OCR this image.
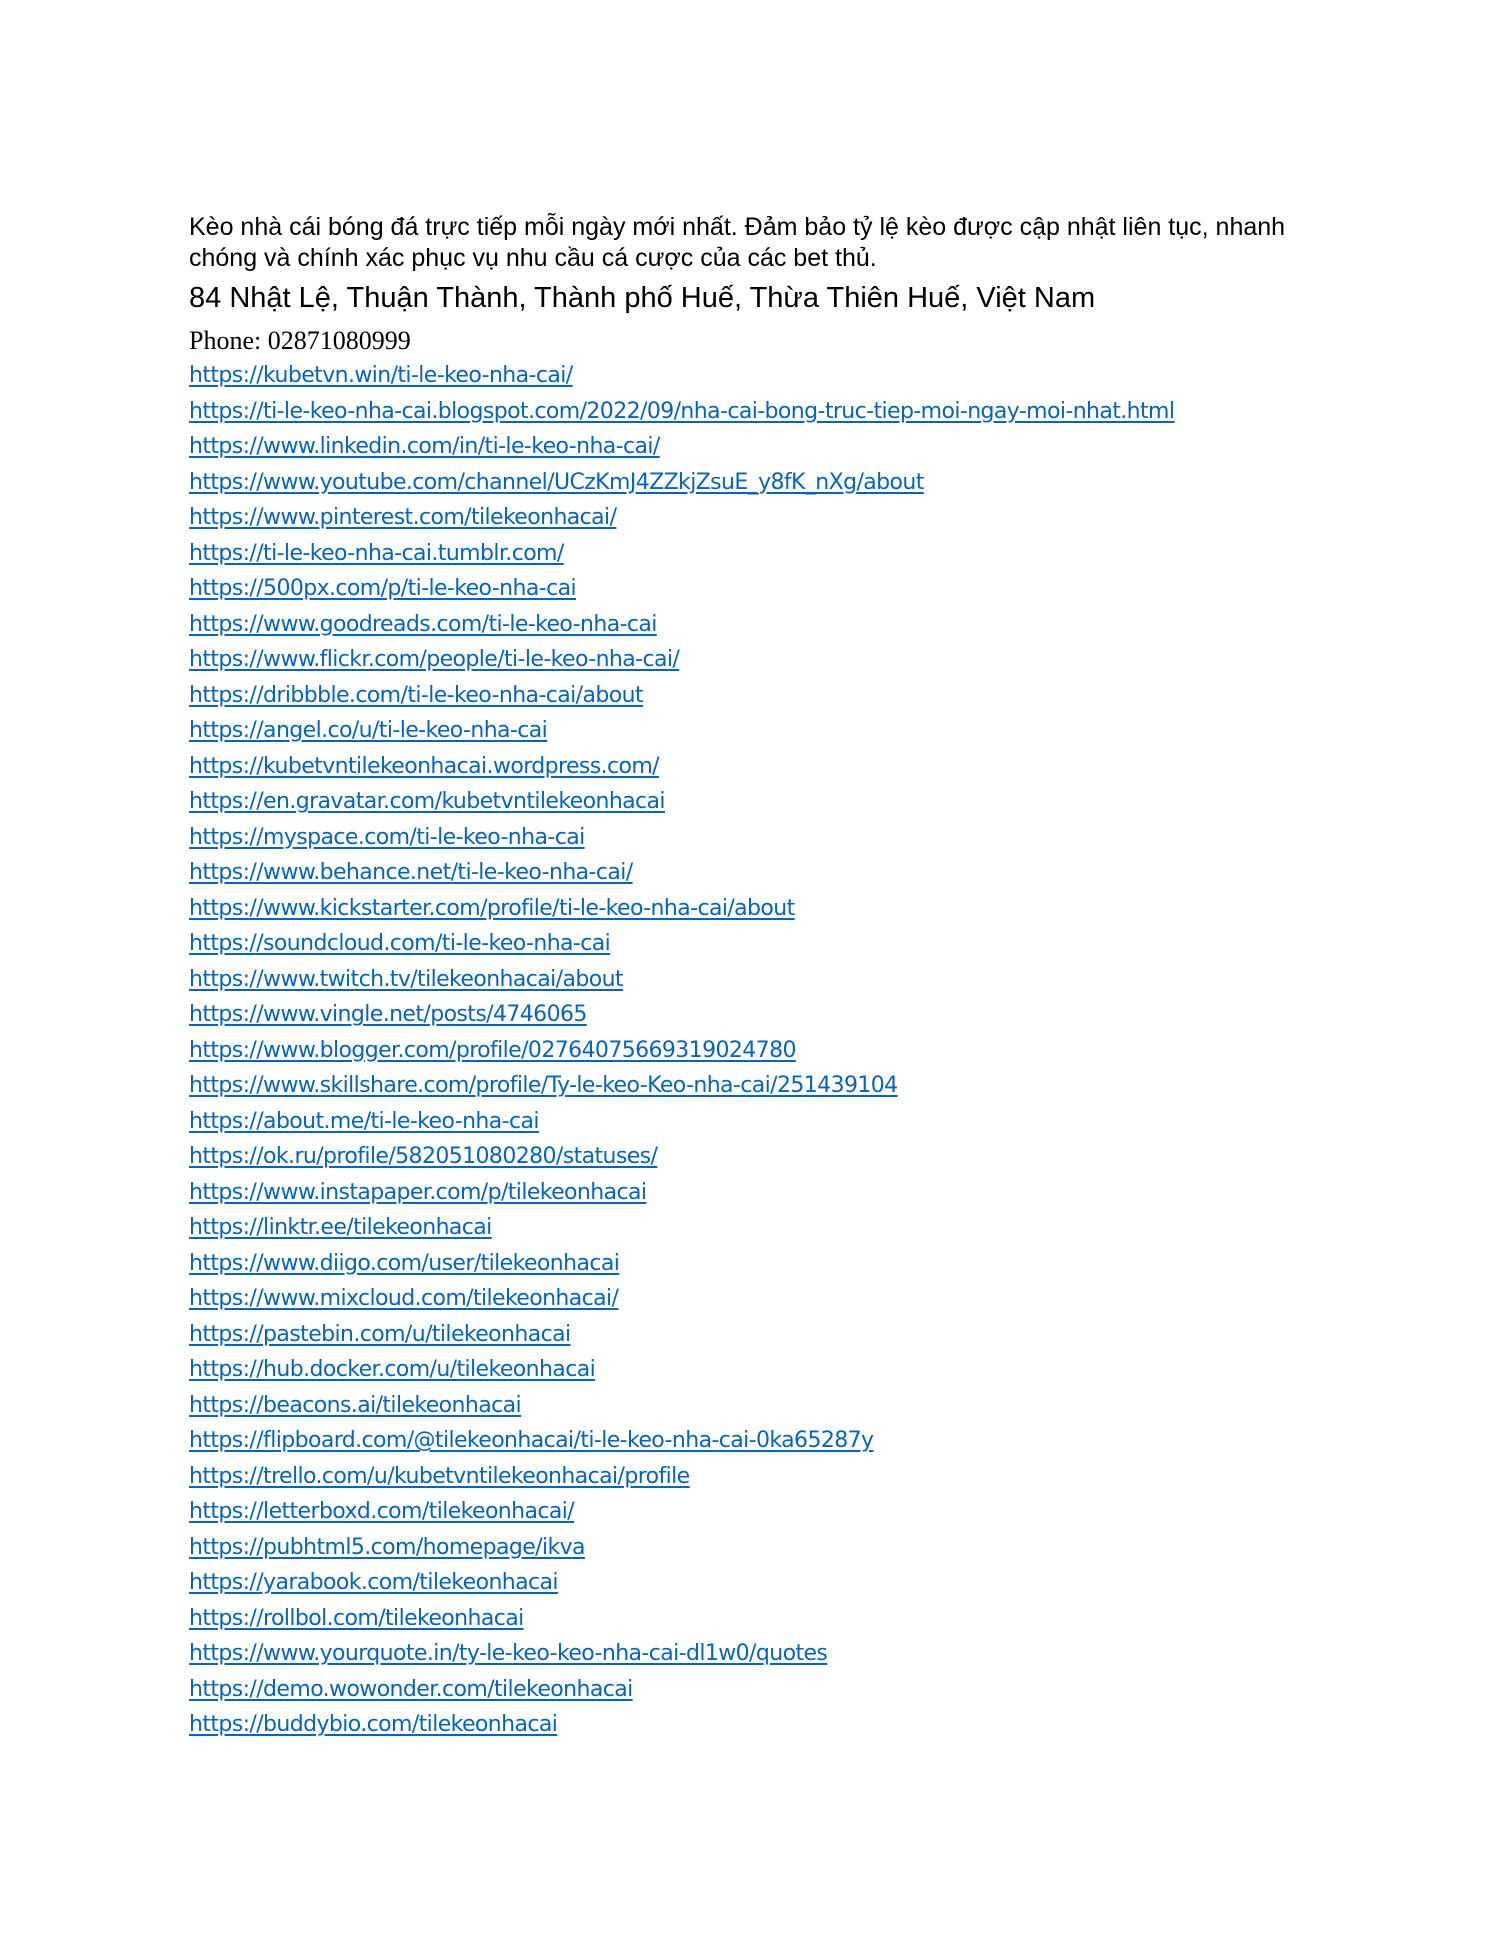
Kèo nhà cái bóng đá trực tiếp mỗi ngày mới nhất. Đảm bảo tỷ lệ kèo được cập nhật liên tục, nhanh chóng và chính xác phục vụ nhu cầu cá cược của các bet thủ.

84 Nhật Lệ, Thuận Thành, Thành phố Huế, Thừa Thiên Huế, Việt Nam

Phone: 02871080999

https://kubetvn.win/ti-le-keo-nha-cai/
https://ti-le-keo-nha-cai.blogspot.com/2022/09/nha-cai-bong-truc-tiep-moi-ngay-moi-nhat.html
https://www.linkedin.com/in/ti-le-keo-nha-cai/
https://www.youtube.com/channel/UCzKmJ4ZZkjZsuE_y8fK_nXg/about
https://www.pinterest.com/tilekeonhacai/
https://ti-le-keo-nha-cai.tumblr.com/
https://500px.com/p/ti-le-keo-nha-cai
https://www.goodreads.com/ti-le-keo-nha-cai
https://www.flickr.com/people/ti-le-keo-nha-cai/
https://dribbble.com/ti-le-keo-nha-cai/about
https://angel.co/u/ti-le-keo-nha-cai
https://kubetvntilekeonhacai.wordpress.com/
https://en.gravatar.com/kubetvntilekeonhacai
https://myspace.com/ti-le-keo-nha-cai
https://www.behance.net/ti-le-keo-nha-cai/
https://www.kickstarter.com/profile/ti-le-keo-nha-cai/about
https://soundcloud.com/ti-le-keo-nha-cai
https://www.twitch.tv/tilekeonhacai/about
https://www.vingle.net/posts/4746065
https://www.blogger.com/profile/02764075669319024780
https://www.skillshare.com/profile/Ty-le-keo-Keo-nha-cai/251439104
https://about.me/ti-le-keo-nha-cai
https://ok.ru/profile/582051080280/statuses/
https://www.instapaper.com/p/tilekeonhacai
https://linktr.ee/tilekeonhacai
https://www.diigo.com/user/tilekeonhacai
https://www.mixcloud.com/tilekeonhacai/
https://pastebin.com/u/tilekeonhacai
https://hub.docker.com/u/tilekeonhacai
https://beacons.ai/tilekeonhacai
https://flipboard.com/@tilekeonhacai/ti-le-keo-nha-cai-0ka65287y
https://trello.com/u/kubetvntilekeonhacai/profile
https://letterboxd.com/tilekeonhacai/
https://pubhtml5.com/homepage/ikva
https://yarabook.com/tilekeonhacai
https://rollbol.com/tilekeonhacai
https://www.yourquote.in/ty-le-keo-keo-nha-cai-dl1w0/quotes
https://demo.wowonder.com/tilekeonhacai
https://buddybio.com/tilekeonhacai
